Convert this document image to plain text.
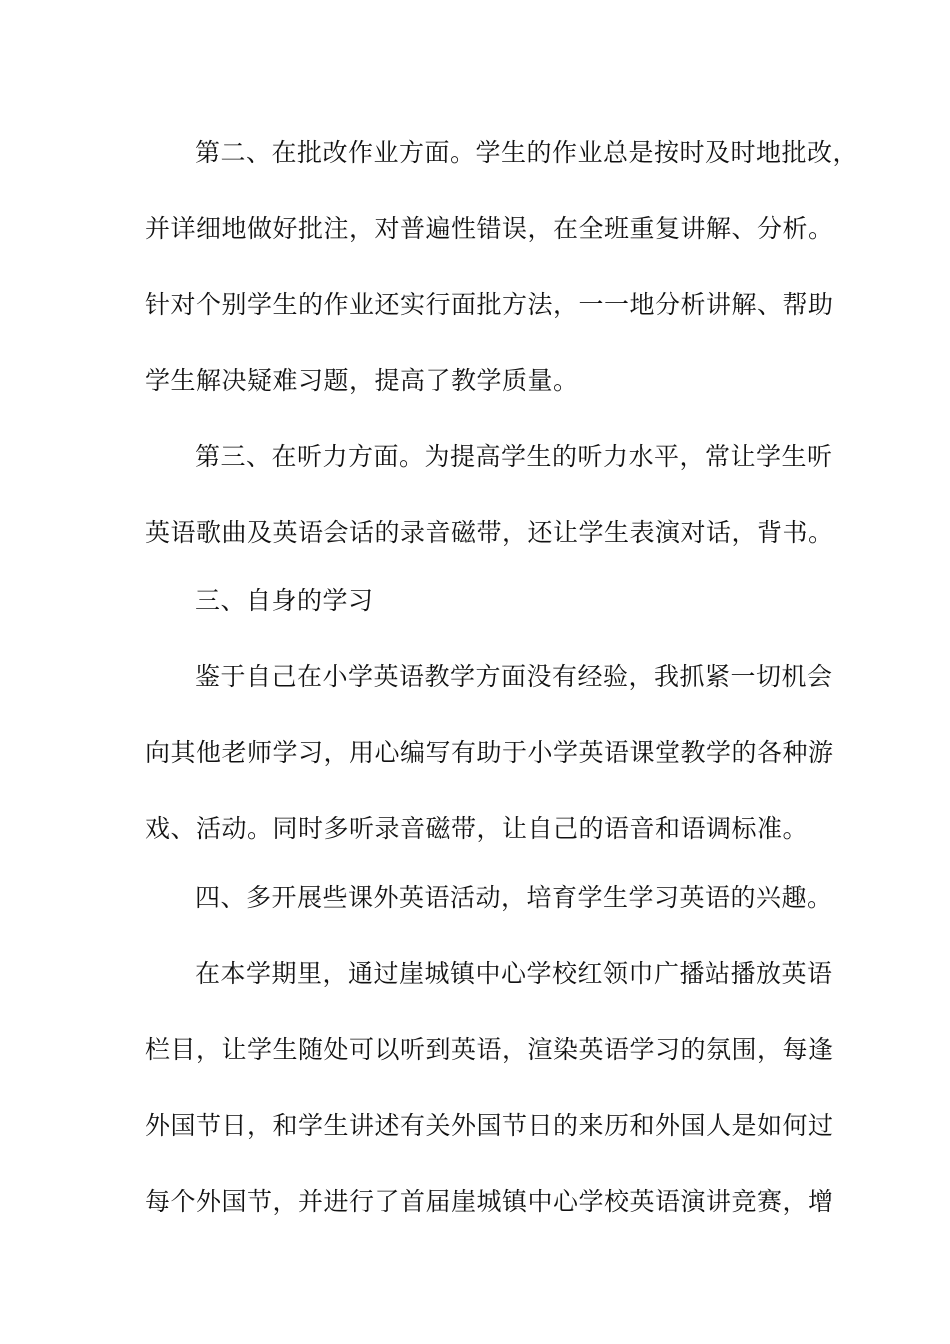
第二、在批改作业方面。学生的作业总是按时及时地批改，
并详细地做好批注，对普遍性错误，在全班重复讲解、分析。
针对个别学生的作业还实行面批方法，一一地分析讲解、帮助
学生解决疑难习题，提高了教学质量。
第三、在听力方面。为提高学生的听力水平，常让学生听
英语歌曲及英语会话的录音磁带，还让学生表演对话，背书。
三、自身的学习
鉴于自己在小学英语教学方面没有经验，我抓紧一切机会
向其他老师学习，用心编写有助于小学英语课堂教学的各种游
戏、活动。同时多听录音磁带，让自己的语音和语调标准。
四、多开展些课外英语活动，培育学生学习英语的兴趣。
在本学期里，通过崖城镇中心学校红领巾广播站播放英语
栏目，让学生随处可以听到英语，渲染英语学习的氛围，每逢
外国节日，和学生讲述有关外国节日的来历和外国人是如何过
每个外国节，并进行了首届崖城镇中心学校英语演讲竞赛，增
